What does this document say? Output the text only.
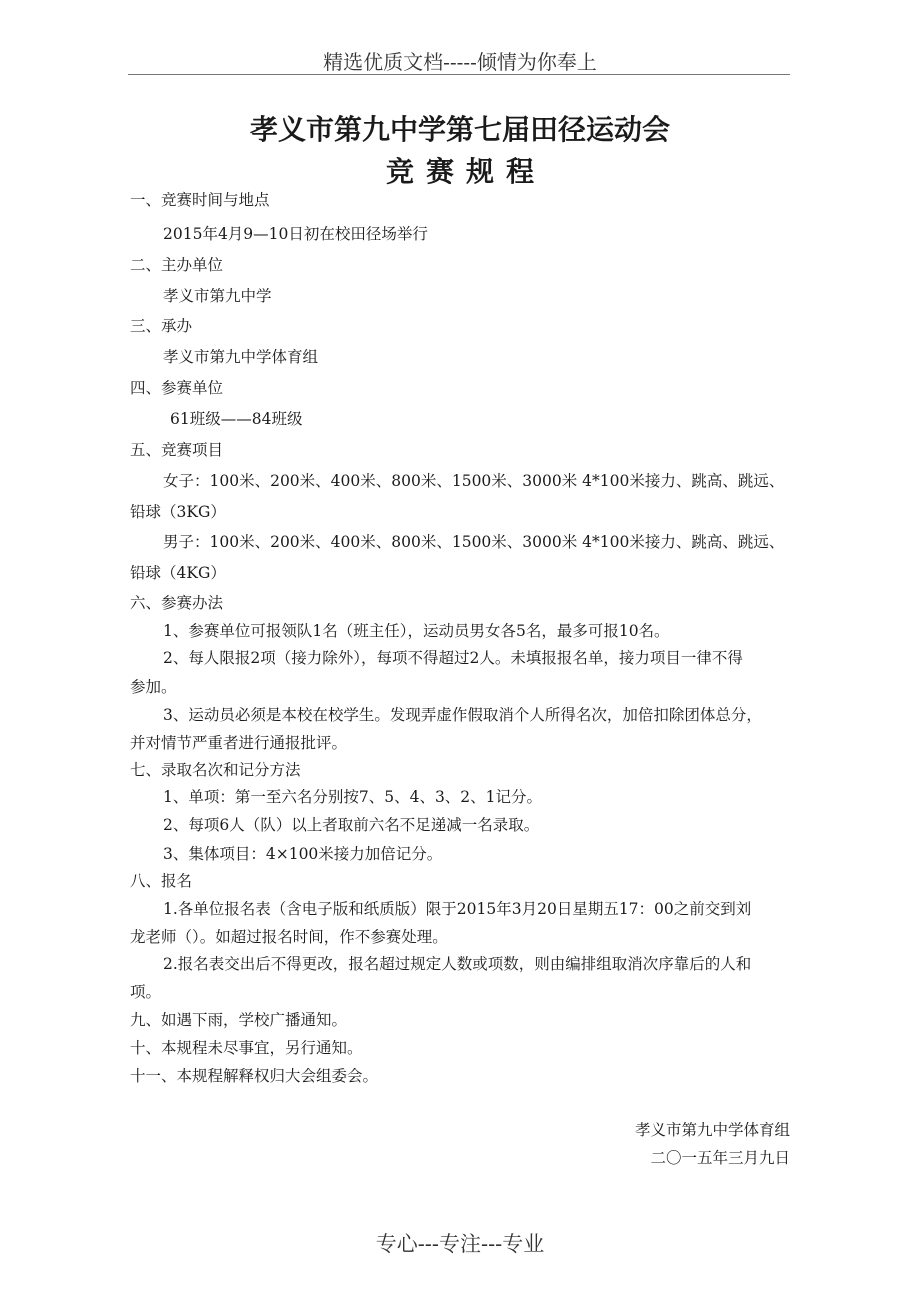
精选优质文档-----倾情为你奉上
孝义市第九中学第七届田径运动会
竞赛规程
一、竞赛时间与地点
2015年4月9—10日初在校田径场举行
二、主办单位
孝义市第九中学
三、承办
孝义市第九中学体育组
四、参赛单位
61班级——84班级
五、竞赛项目
女子：100米、200米、400米、800米、1500米、3000米 4*100米接力、跳高、跳远、
铅球（3KG）
男子：100米、200米、400米、800米、1500米、3000米 4*100米接力、跳高、跳远、
铅球（4KG）
六、参赛办法
1、参赛单位可报领队1名（班主任），运动员男女各5名，最多可报10名。
2、每人限报2项（接力除外），每项不得超过2人。未填报报名单，接力项目一律不得
参加。
3、运动员必须是本校在校学生。发现弄虚作假取消个人所得名次，加倍扣除团体总分，
并对情节严重者进行通报批评。
七、录取名次和记分方法
1、单项：第一至六名分别按7、5、4、3、2、1记分。
2、每项6人（队）以上者取前六名不足递减一名录取。
3、集体项目：4×100米接力加倍记分。
八、报名
1.各单位报名表（含电子版和纸质版）限于2015年3月20日星期五17：00之前交到刘
龙老师（）。如超过报名时间，作不参赛处理。
2.报名表交出后不得更改，报名超过规定人数或项数，则由编排组取消次序靠后的人和
项。
九、如遇下雨，学校广播通知。
十、本规程未尽事宜，另行通知。
十一、本规程解释权归大会组委会。
孝义市第九中学体育组
二〇一五年三月九日
专心---专注---专业
